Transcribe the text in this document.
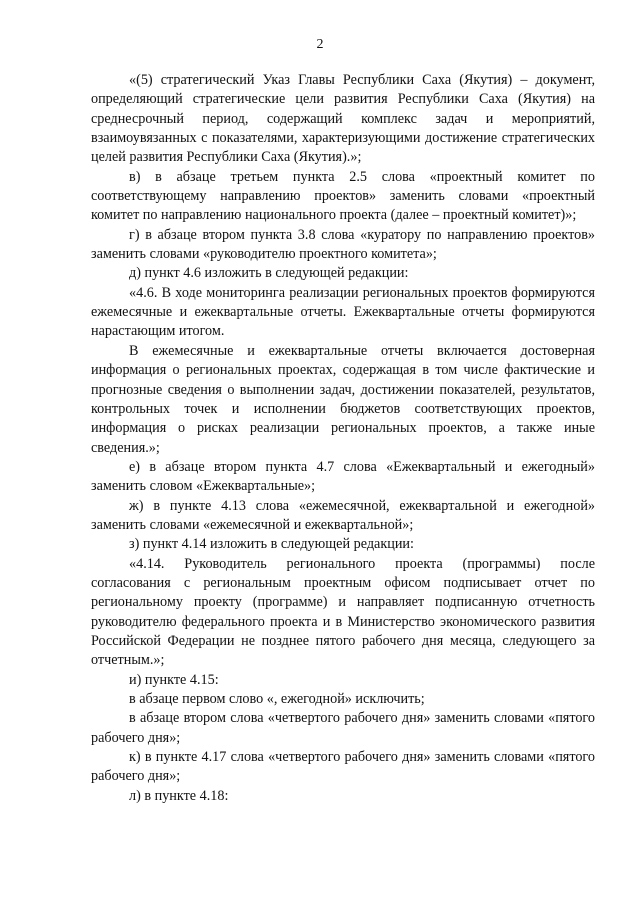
2

«(5) стратегический Указ Главы Республики Саха (Якутия) – документ, определяющий стратегические цели развития Республики Саха (Якутия) на среднесрочный период, содержащий комплекс задач и мероприятий, взаимоувязанных с показателями, характеризующими достижение стратегических целей развития Республики Саха (Якутия).»;

в) в абзаце третьем пункта 2.5 слова «проектный комитет по соответствующему направлению проектов» заменить словами «проектный комитет по направлению национального проекта (далее – проектный комитет)»;

г) в абзаце втором пункта 3.8 слова «куратору по направлению проектов» заменить словами «руководителю проектного комитета»;

д) пункт 4.6 изложить в следующей редакции:

«4.6. В ходе мониторинга реализации региональных проектов формируются ежемесячные и ежеквартальные отчеты. Ежеквартальные отчеты формируются нарастающим итогом.

В ежемесячные и ежеквартальные отчеты включается достоверная информация о региональных проектах, содержащая в том числе фактические и прогнозные сведения о выполнении задач, достижении показателей, результатов, контрольных точек и исполнении бюджетов соответствующих проектов, информация о рисках реализации региональных проектов, а также иные сведения.»;

е) в абзаце втором пункта 4.7 слова «Ежеквартальный и ежегодный» заменить словом «Ежеквартальные»;

ж) в пункте 4.13 слова «ежемесячной, ежеквартальной и ежегодной» заменить словами «ежемесячной и ежеквартальной»;

з) пункт 4.14 изложить в следующей редакции:

«4.14. Руководитель регионального проекта (программы) после согласования с региональным проектным офисом подписывает отчет по региональному проекту (программе) и направляет подписанную отчетность руководителю федерального проекта и в Министерство экономического развития Российской Федерации не позднее пятого рабочего дня месяца, следующего за отчетным.»;

и) пункте 4.15:

в абзаце первом слово «, ежегодной» исключить;

в абзаце втором слова «четвертого рабочего дня» заменить словами «пятого рабочего дня»;

к) в пункте 4.17 слова «четвертого рабочего дня» заменить словами «пятого рабочего дня»;

л) в пункте 4.18:
